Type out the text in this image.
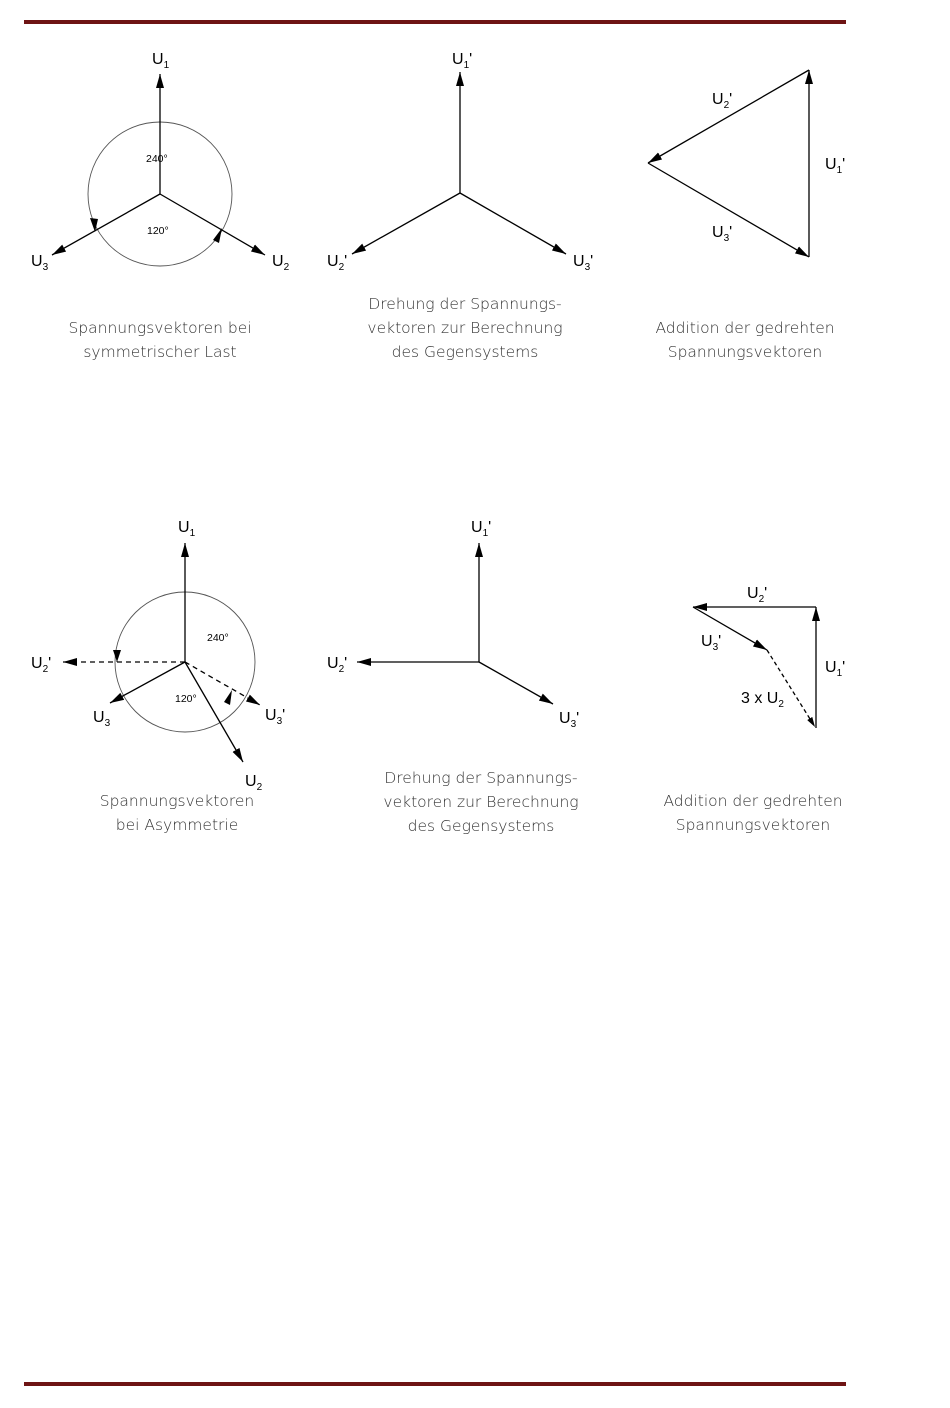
$U_1$
$U_2$
$U_3$
240°
120°
$U_1'$
$U_3'$
$U_2'$
$U_2'$
$U_1'$
$U_3'$
$U_1$
$U_2$
$U_3$
$U_2'$
$U_3'$
240°
120°
$U_1'$
$U_2'$
$U_3'$
$U_2'$
$U_3'$
$U_1'$
3 x $U_2$
Spannungsvektoren bei
symmetrischer Last
Drehung der Spannungs-
vektoren zur Berechnung
des Gegensystems
Addition der gedrehten
Spannungsvektoren
Spannungsvektoren
bei Asymmetrie
Drehung der Spannungs-
vektoren zur Berechnung
des Gegensystems
Addition der gedrehten
Spannungsvektoren
